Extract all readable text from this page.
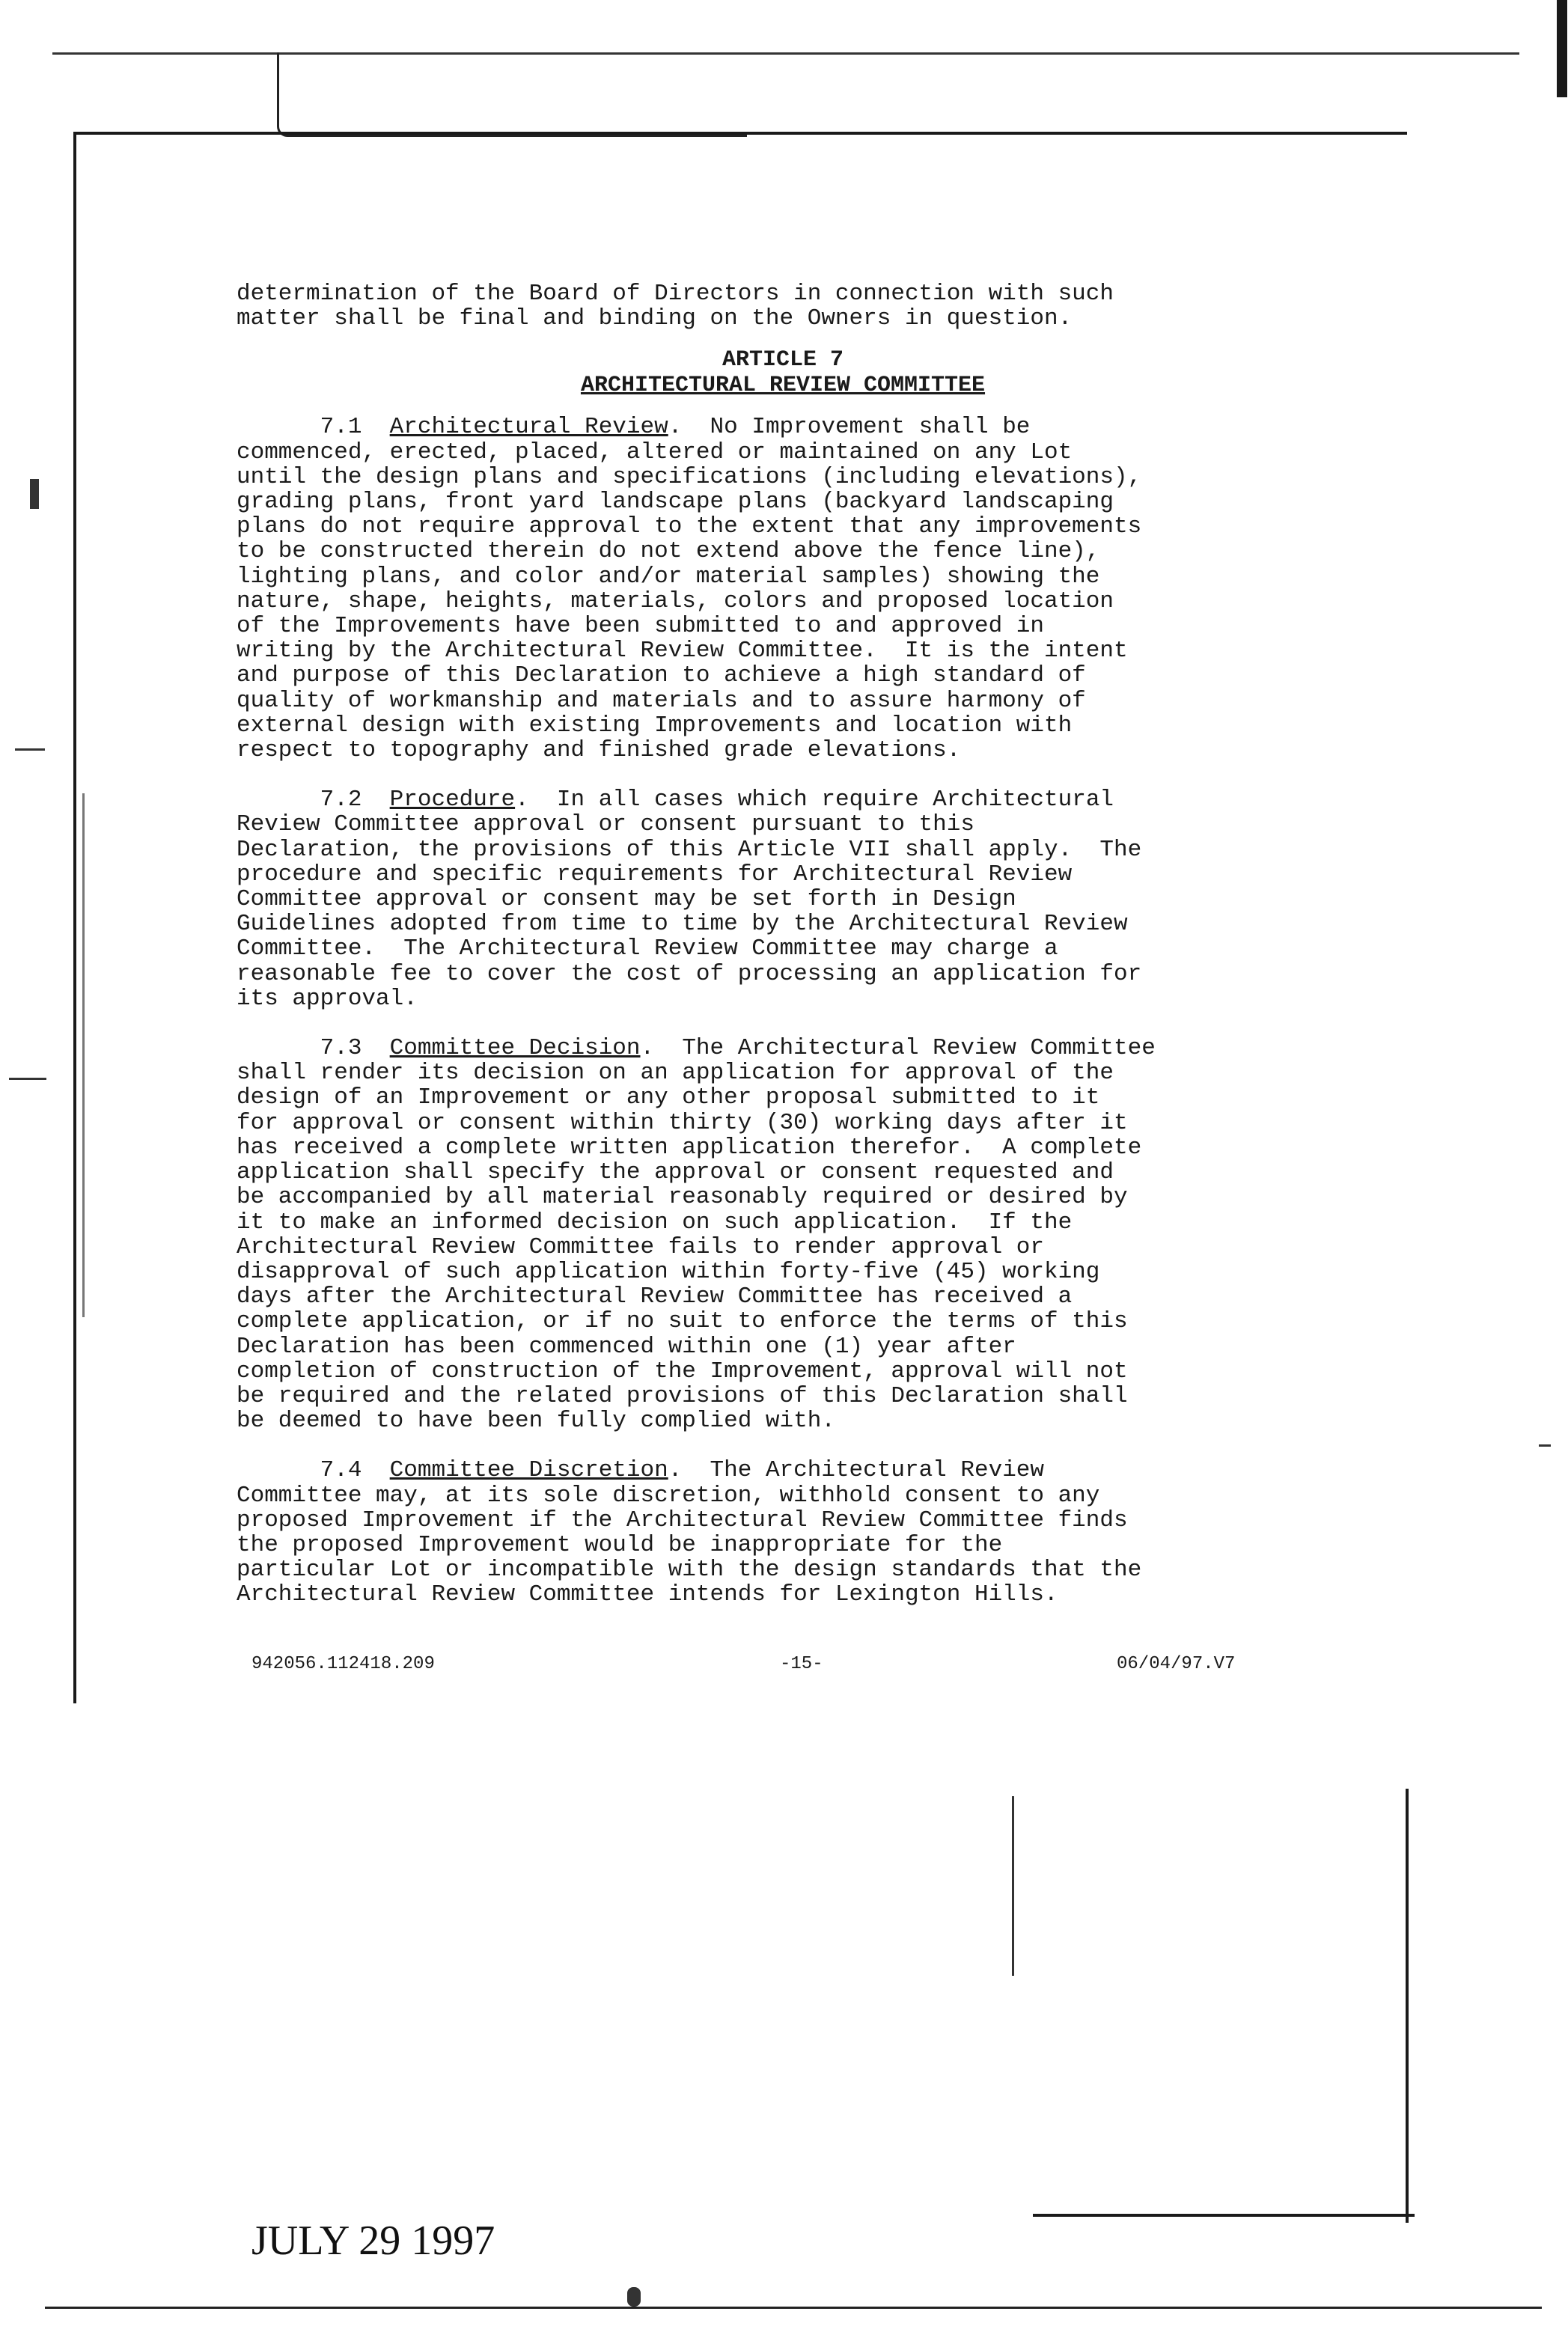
determination of the Board of Directors in connection with such
matter shall be final and binding on the Owners in question.

ARTICLE 7

ARCHITECTURAL REVIEW COMMITTEE

7.1 Architectural Review.  No Improvement shall be
commenced, erected, placed, altered or maintained on any Lot
until the design plans and specifications (including elevations),
grading plans, front yard landscape plans (backyard landscaping
plans do not require approval to the extent that any improvements
to be constructed therein do not extend above the fence line),
lighting plans, and color and/or material samples) showing the
nature, shape, heights, materials, colors and proposed location
of the Improvements have been submitted to and approved in
writing by the Architectural Review Committee.  It is the intent
and purpose of this Declaration to achieve a high standard of
quality of workmanship and materials and to assure harmony of
external design with existing Improvements and location with
respect to topography and finished grade elevations.

7.2 Procedure.  In all cases which require Architectural
Review Committee approval or consent pursuant to this
Declaration, the provisions of this Article VII shall apply.  The
procedure and specific requirements for Architectural Review
Committee approval or consent may be set forth in Design
Guidelines adopted from time to time by the Architectural Review
Committee.  The Architectural Review Committee may charge a
reasonable fee to cover the cost of processing an application for
its approval.

7.3 Committee Decision.  The Architectural Review Committee
shall render its decision on an application for approval of the
design of an Improvement or any other proposal submitted to it
for approval or consent within thirty (30) working days after it
has received a complete written application therefor.  A complete
application shall specify the approval or consent requested and
be accompanied by all material reasonably required or desired by
it to make an informed decision on such application.  If the
Architectural Review Committee fails to render approval or
disapproval of such application within forty-five (45) working
days after the Architectural Review Committee has received a
complete application, or if no suit to enforce the terms of this
Declaration has been commenced within one (1) year after
completion of construction of the Improvement, approval will not
be required and the related provisions of this Declaration shall
be deemed to have been fully complied with.

7.4 Committee Discretion.  The Architectural Review
Committee may, at its sole discretion, withhold consent to any
proposed Improvement if the Architectural Review Committee finds
the proposed Improvement would be inappropriate for the
particular Lot or incompatible with the design standards that the
Architectural Review Committee intends for Lexington Hills.

942056.112418.209	-15-	06/04/97.V7
JULY 29 1997
